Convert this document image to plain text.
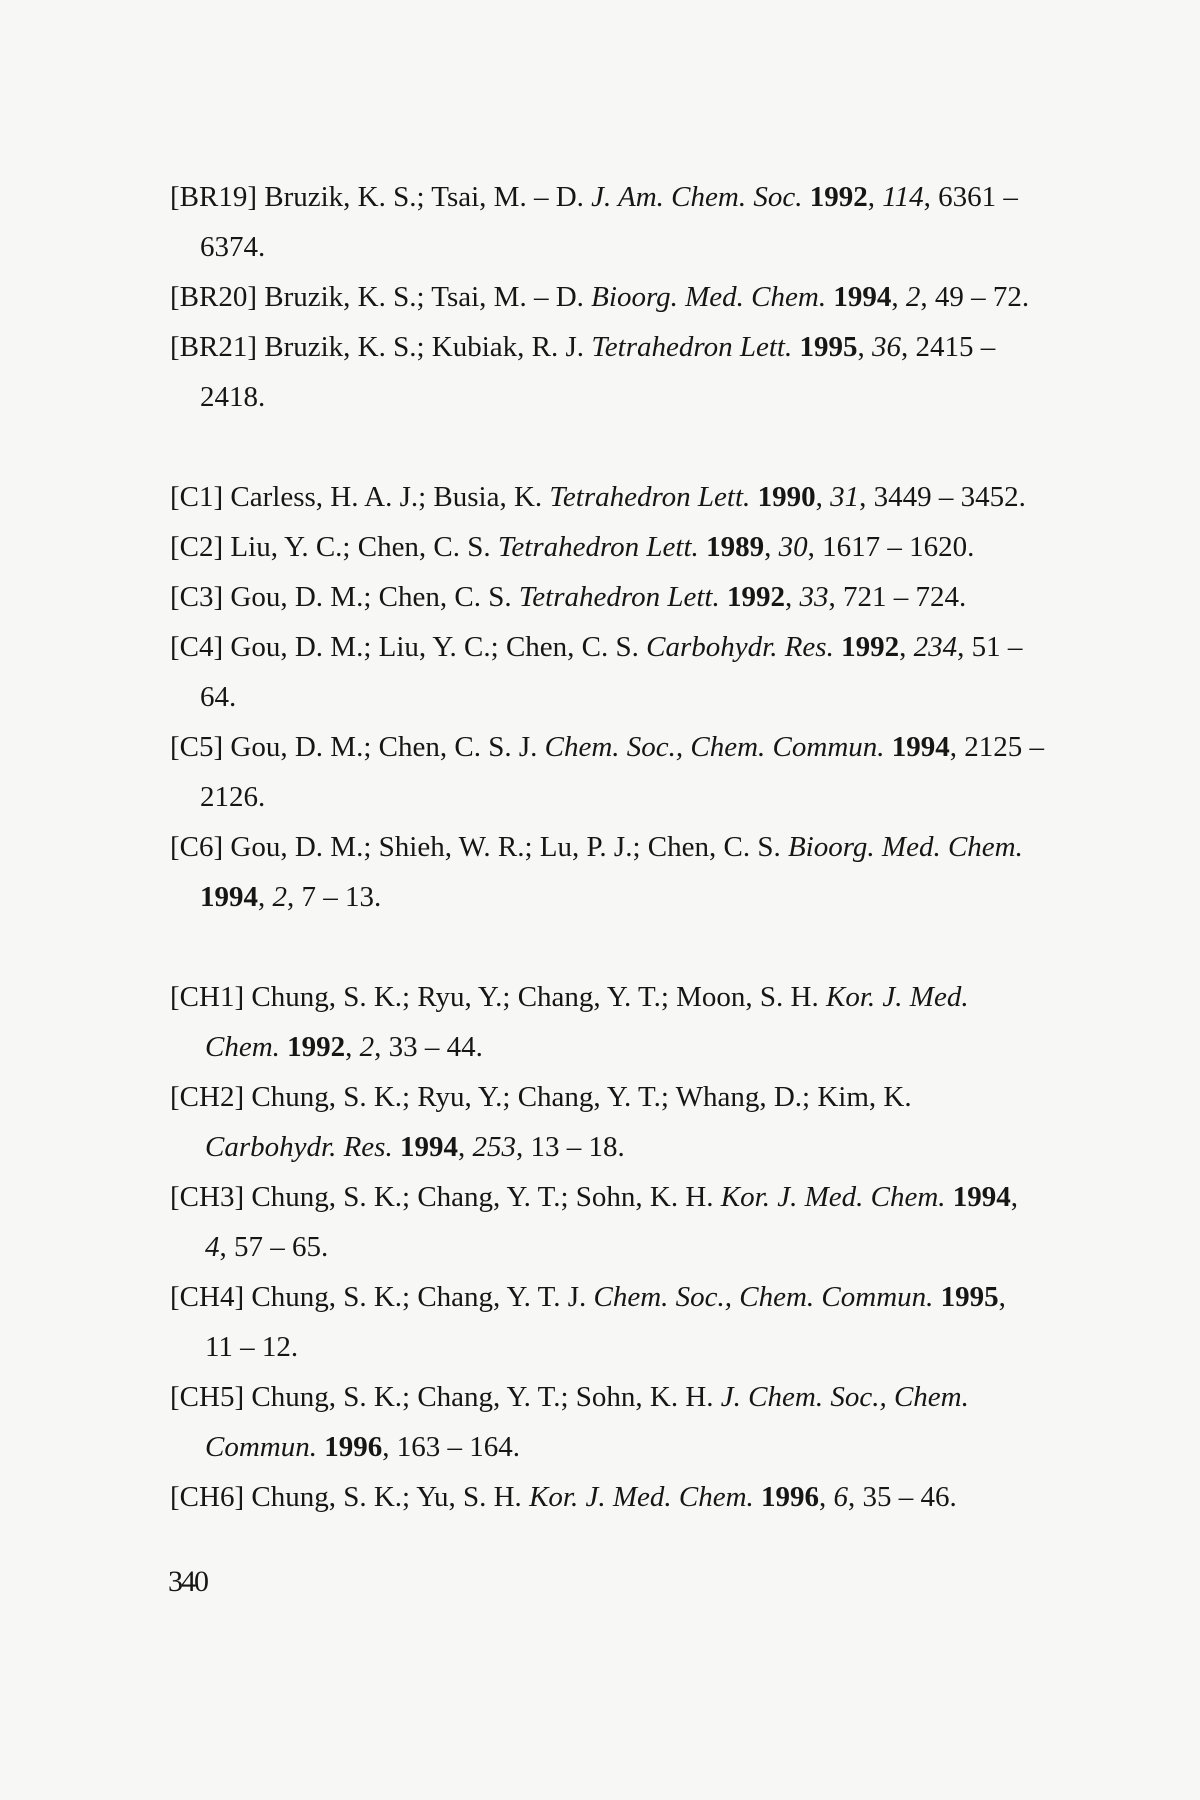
[BR19] Bruzik, K. S.; Tsai, M. – D. J. Am. Chem. Soc. 1992, 114, 6361 –
6374.
[BR20] Bruzik, K. S.; Tsai, M. – D. Bioorg. Med. Chem. 1994, 2, 49 – 72.
[BR21] Bruzik, K. S.; Kubiak, R. J. Tetrahedron Lett. 1995, 36, 2415 –
2418.
[C1] Carless, H. A. J.; Busia, K. Tetrahedron Lett. 1990, 31, 3449 – 3452.
[C2] Liu, Y. C.; Chen, C. S. Tetrahedron Lett. 1989, 30, 1617 – 1620.
[C3] Gou, D. M.; Chen, C. S. Tetrahedron Lett. 1992, 33, 721 – 724.
[C4] Gou, D. M.; Liu, Y. C.; Chen, C. S. Carbohydr. Res. 1992, 234, 51 –
64.
[C5] Gou, D. M.; Chen, C. S. J. Chem. Soc., Chem. Commun. 1994, 2125 –
2126.
[C6] Gou, D. M.; Shieh, W. R.; Lu, P. J.; Chen, C. S. Bioorg. Med. Chem.
1994, 2, 7 – 13.
[CH1] Chung, S. K.; Ryu, Y.; Chang, Y. T.; Moon, S. H. Kor. J. Med.
Chem. 1992, 2, 33 – 44.
[CH2] Chung, S. K.; Ryu, Y.; Chang, Y. T.; Whang, D.; Kim, K.
Carbohydr. Res. 1994, 253, 13 – 18.
[CH3] Chung, S. K.; Chang, Y. T.; Sohn, K. H. Kor. J. Med. Chem. 1994,
4, 57 – 65.
[CH4] Chung, S. K.; Chang, Y. T. J. Chem. Soc., Chem. Commun. 1995,
11 – 12.
[CH5] Chung, S. K.; Chang, Y. T.; Sohn, K. H. J. Chem. Soc., Chem.
Commun. 1996, 163 – 164.
[CH6] Chung, S. K.; Yu, S. H. Kor. J. Med. Chem. 1996, 6, 35 – 46.
340
